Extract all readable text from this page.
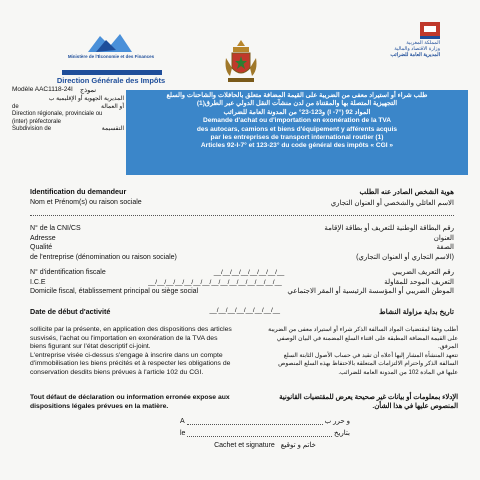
Ministère de l'Économie et des Finances
Direction Générale des Impôts
المملكة المغربية
وزارة الاقتصاد والمالية
المديرية العامة للضرائب
Modèle AAC1118-24I نموذج
المديرية الجهوية أو الإقليمية ب
de	أو العمالة
Direction régionale, provinciale ou
(inter) préfectorale
Subdivision de	التقسيمة
طلب شراء أو استيراد معفى من الضريبة على القيمة المضافة متعلق بالحافلات والشاحنات والسلع
التجهيزية المتصلة بها والمقتناة من لدن منشآت النقل الدولي عبر الطرق(1)
المواد 92 (I -7°) و123-23° من المدونة العامة للضرائب
Demande d'achat ou d'importation en exonération de la TVA
des autocars, camions et biens d'équipement y afférents acquis
par les entreprises de transport international routier (1)
Articles 92-I-7° et 123-23° du code général des impôts « CGI »
Identification du demandeur	هوية الشخص الصادر عنه الطلب
Nom et Prénom(s) ou raison sociale	الاسم العائلي والشخصي أو العنوان التجاري
N° de la CNI/CS	رقم البطاقة الوطنية للتعريف أو بطاقة الإقامة
Adresse	العنوان
Qualité	الصفة
de l'entreprise (dénomination ou raison sociale)	(الاسم التجاري أو العنوان التجاري)
N° d'identification fiscale	__/__/__/__/__/__/__/__	رقم التعريف الضريبي
I.C.E	__/__/__/__/__/__/__/__/__/__/__/__/__/__/__	التعريف الموحد للمقاولة
Domicile fiscal, établissement principal ou siège social	الموطن الضريبي أو المؤسسة الرئيسية أو المقر الاجتماعي
Date de début d'activité	__/__/__/__/__/__/__/__	تاريخ بداية مزاولة النشاط
sollicite par la présente, en application des dispositions des articles
susvisés, l'achat ou l'importation en exonération de la TVA des
biens figurant sur l'état descriptif ci-joint.
L'entreprise visée ci-dessus s'engage à inscrire dans un compte
d'immobilisation les biens précités et à respecter les obligations de
conservation desdits biens prévues à l'article 102 du CGI.
أطلب وفقا لمقتضيات المواد السالفة الذكر شراء أو استيراد معفى من الضريبة
على القيمة المضافة المطبقة على اقتناء السلع المضمنة في البيان الوصفي
المرفق.
تتعهد المنشأة المشار إليها أعلاه أن تقيد في حساب الأصول الثابتة السلع
السالفة الذكر واحترام الالتزامات المتعلقة بالاحتفاظ بهذه السلع المنصوص
عليها في المادة 102 من المدونة العامة للضرائب.
Tout défaut de déclaration ou information erronée expose aux
dispositions légales prévues en la matière.
الإدلاء بمعلومات أو بيانات غير صحيحة يعرض للمقتضيات القانونية
المنصوص عليها في هذا الشأن.
A	و حرر ب
le	بتاريخ
Cachet et signature خاتم و توقيع
